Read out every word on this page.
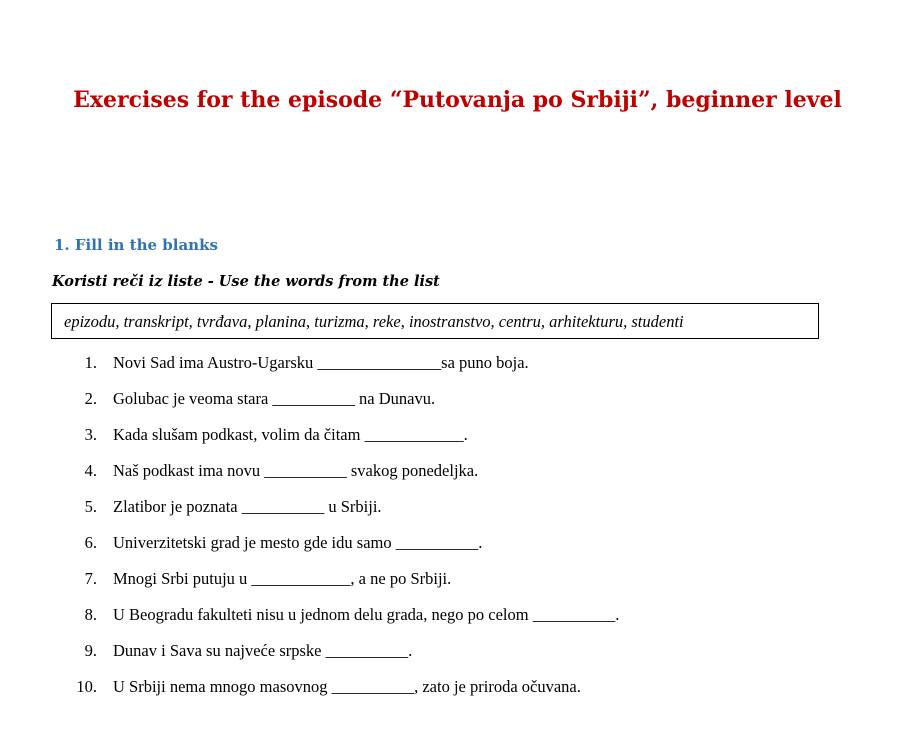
Exercises for the episode “Putovanja po Srbiji”, beginner level
1. Fill in the blanks
Koristi reči iz liste - Use the words from the list
epizodu, transkript, tvrđava, planina, turizma, reke, inostranstvo, centru, arhitekturu, studenti
1. Novi Sad ima Austro-Ugarsku _______________sa puno boja.
2. Golubac je veoma stara __________ na Dunavu.
3. Kada slušam podkast, volim da čitam ____________.
4. Naš podkast ima novu __________ svakog ponedeljka.
5. Zlatibor je poznata __________ u Srbiji.
6. Univerzitetski grad je mesto gde idu samo __________.
7. Mnogi Srbi putuju u ____________, a ne po Srbiji.
8. U Beogradu fakulteti nisu u jednom delu grada, nego po celom __________.
9. Dunav i Sava su najveće srpske __________.
10. U Srbiji nema mnogo masovnog __________, zato je priroda očuvana.
